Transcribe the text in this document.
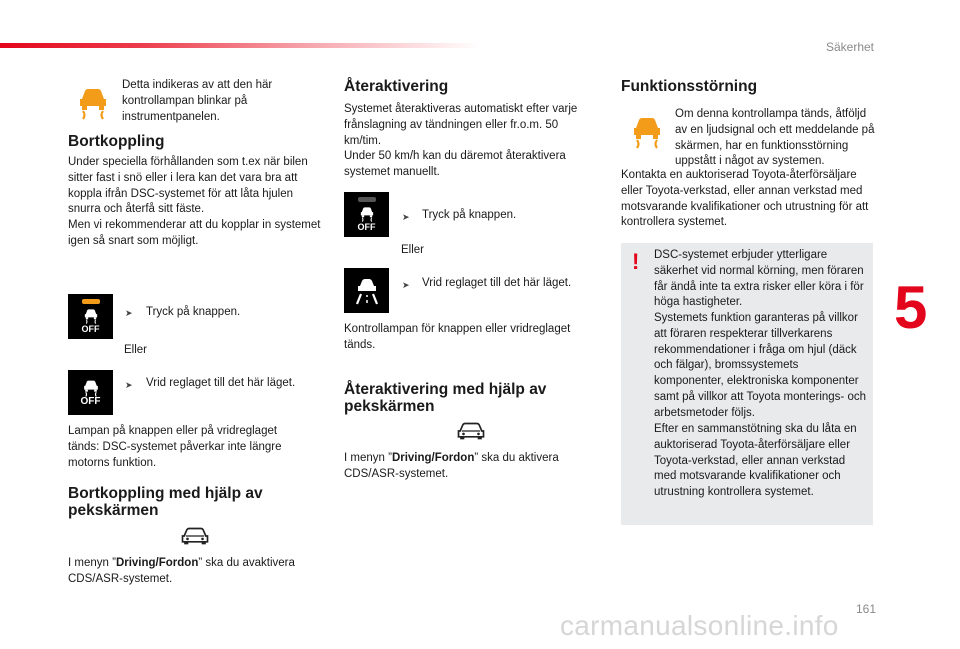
Säkerhet
5

Detta indikeras av att den här kontrollampan blinkar på instrumentpanelen.

Bortkoppling

Under speciella förhållanden som t.ex när bilen sitter fast i snö eller i lera kan det vara bra att koppla ifrån DSC-systemet för att låta hjulen snurra och återfå sitt fäste.

Men vi rekommenderar att du kopplar in systemet igen så snart som möjligt.

OFF
➤ Tryck på knappen.

Eller

OFF
➤ Vrid reglaget till det här läget.

Lampan på knappen eller på vridreglaget tänds: DSC-systemet påverkar inte längre motorns funktion.

Bortkoppling med hjälp av pekskärmen

I menyn ”Driving/Fordon” ska du avaktivera CDS/ASR-systemet.

Återaktivering

Systemet återaktiveras automatiskt efter varje frånslagning av tändningen eller fr.o.m. 50 km/tim.

Under 50 km/h kan du däremot återaktivera systemet manuellt.

OFF
➤ Tryck på knappen.

Eller

➤ Vrid reglaget till det här läget.

Kontrollampan för knappen eller vridreglaget tänds.

Återaktivering med hjälp av pekskärmen

I menyn ”Driving/Fordon” ska du aktivera CDS/ASR-systemet.

Funktionsstörning

Om denna kontrollampa tänds, åtföljd av en ljudsignal och ett meddelande på skärmen, har en funktionsstörning uppstått i något av systemen.

Kontakta en auktoriserad Toyota-återförsäljare eller Toyota-verkstad, eller annan verkstad med motsvarande kvalifikationer och utrustning för att kontrollera systemet.

! DSC-systemet erbjuder ytterligare säkerhet vid normal körning, men föraren får ändå inte ta extra risker eller köra i för höga hastigheter.

Systemets funktion garanteras på villkor att föraren respekterar tillverkarens rekommendationer i fråga om hjul (däck och fälgar), bromssystemets komponenter, elektroniska komponenter samt på villkor att Toyota monterings- och arbetsmetoder följs.

Efter en sammanstötning ska du låta en auktoriserad Toyota-återförsäljare eller Toyota-verkstad, eller annan verkstad med motsvarande kvalifikationer och utrustning kontrollera systemet.

161
carmanualsonline.info
